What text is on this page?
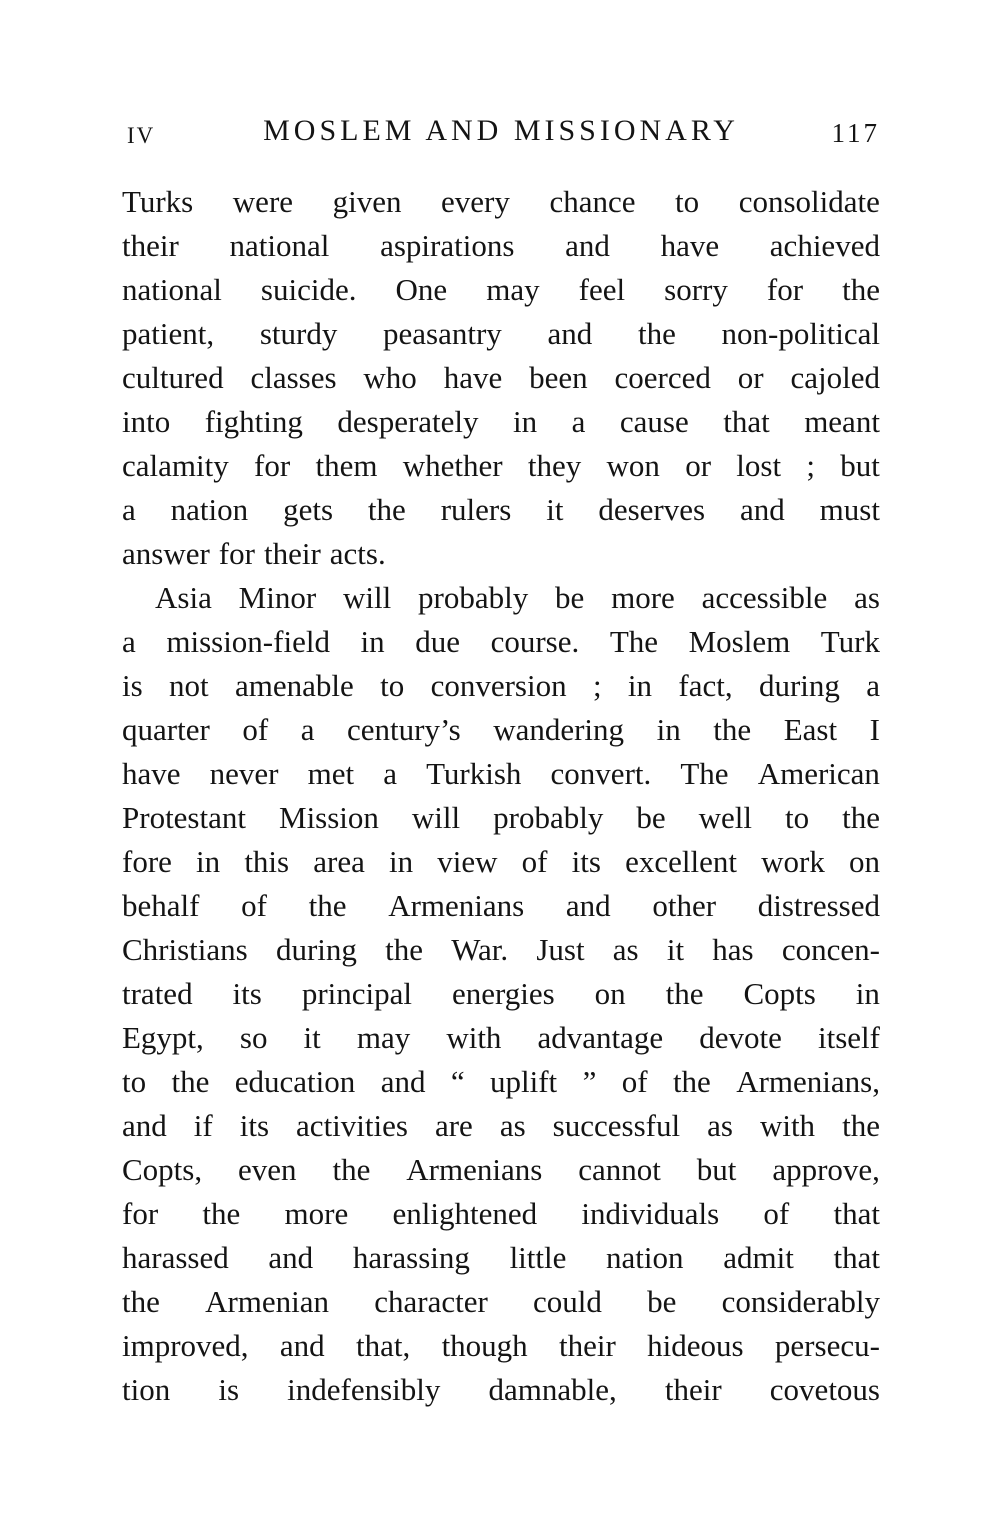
IV	MOSLEM AND MISSIONARY	117
Turks were given every chance to consolidate
their national aspirations and have achieved
national suicide. One may feel sorry for the
patient, sturdy peasantry and the non-political
cultured classes who have been coerced or cajoled
into fighting desperately in a cause that meant
calamity for them whether they won or lost ; but
a nation gets the rulers it deserves and must
answer for their acts.
Asia Minor will probably be more accessible as
a mission-field in due course. The Moslem Turk
is not amenable to conversion ; in fact, during a
quarter of a century’s wandering in the East I
have never met a Turkish convert. The American
Protestant Mission will probably be well to the
fore in this area in view of its excellent work on
behalf of the Armenians and other distressed
Christians during the War. Just as it has concen-
trated its principal energies on the Copts in
Egypt, so it may with advantage devote itself
to the education and “ uplift ” of the Armenians,
and if its activities are as successful as with the
Copts, even the Armenians cannot but approve,
for the more enlightened individuals of that
harassed and harassing little nation admit that
the Armenian character could be considerably
improved, and that, though their hideous persecu-
tion is indefensibly damnable, their covetous
